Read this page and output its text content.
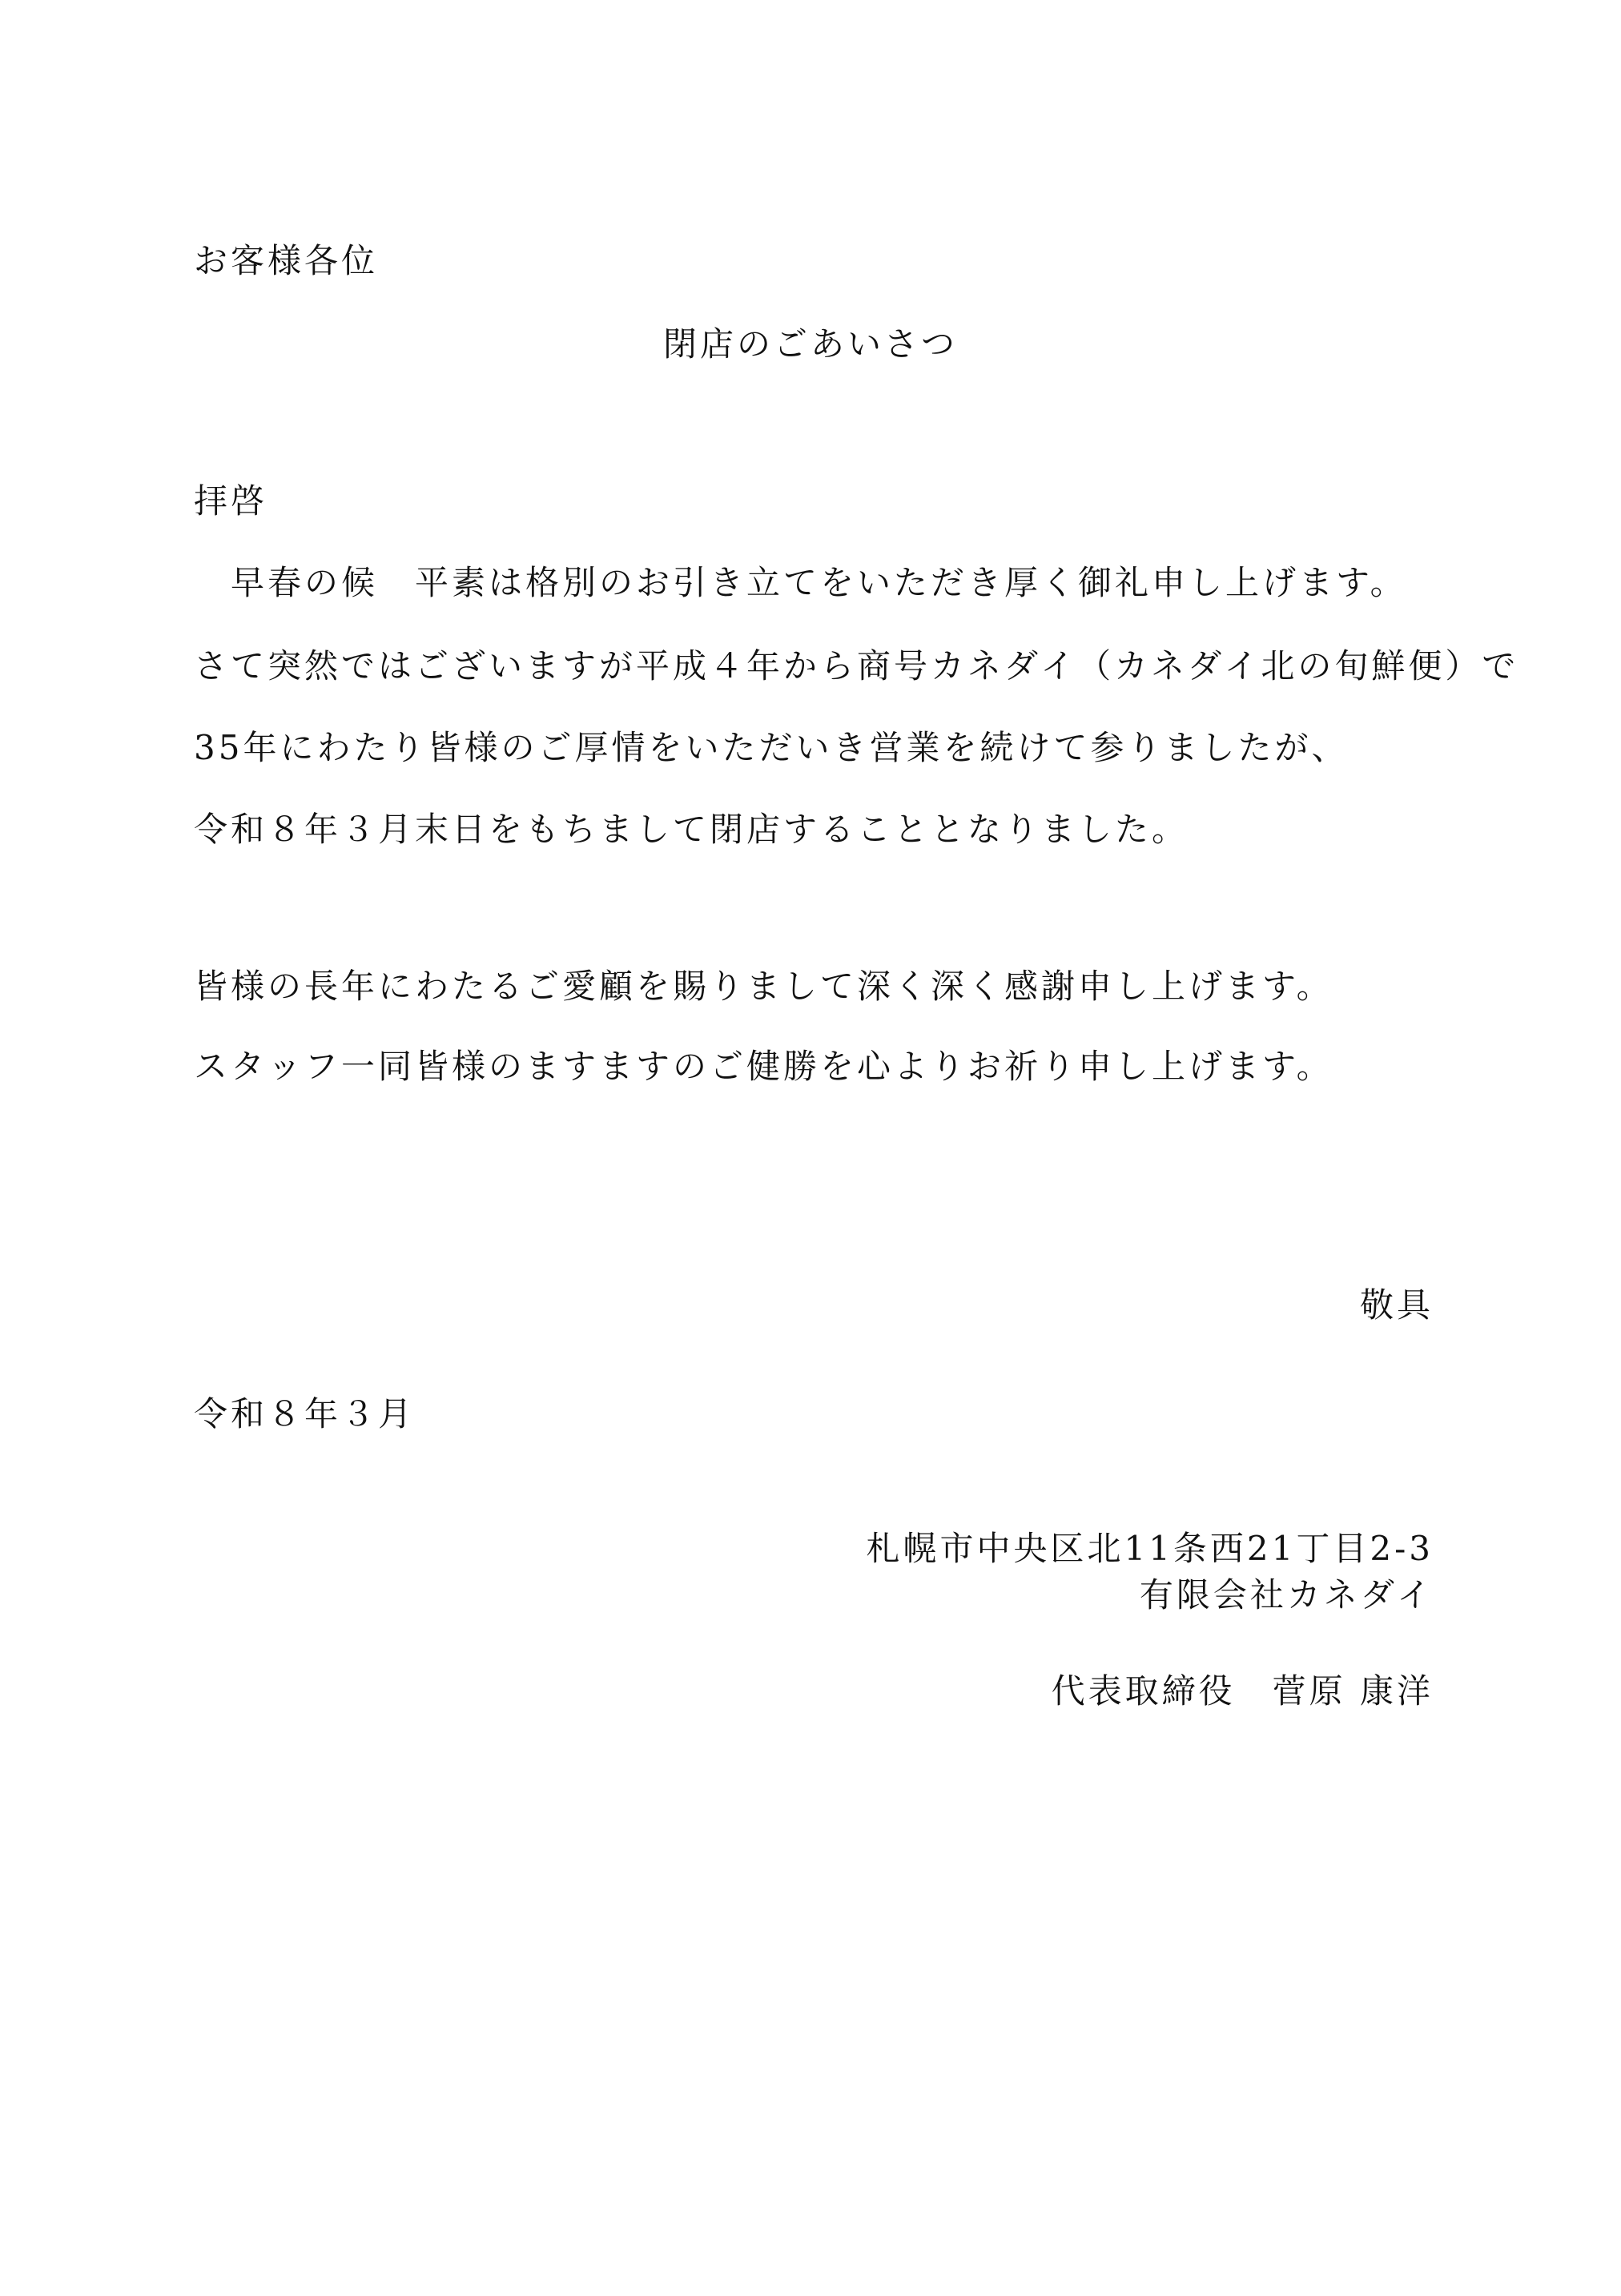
お客様各位
閉店のごあいさつ
拝啓
　早春の候　平素は格別のお引き立てをいただき厚く御礼申し上げます。
さて突然ではございますが平成４年から商号カネダイ（カネダイ北の旬鮮便）で
35年にわたり皆様のご厚情をいただいき営業を続けて参りましたが、
令和８年３月末日をもちまして閉店することとなりました。
皆様の長年にわたるご愛顧を賜りまして深く深く感謝申し上げます。
スタッフ一同皆様のますますのご健勝を心よりお祈り申し上げます。
敬具
令和８年３月
札幌市中央区北11条西21丁目2-3
有限会社カネダイ
代表取締役　菅原 康洋
